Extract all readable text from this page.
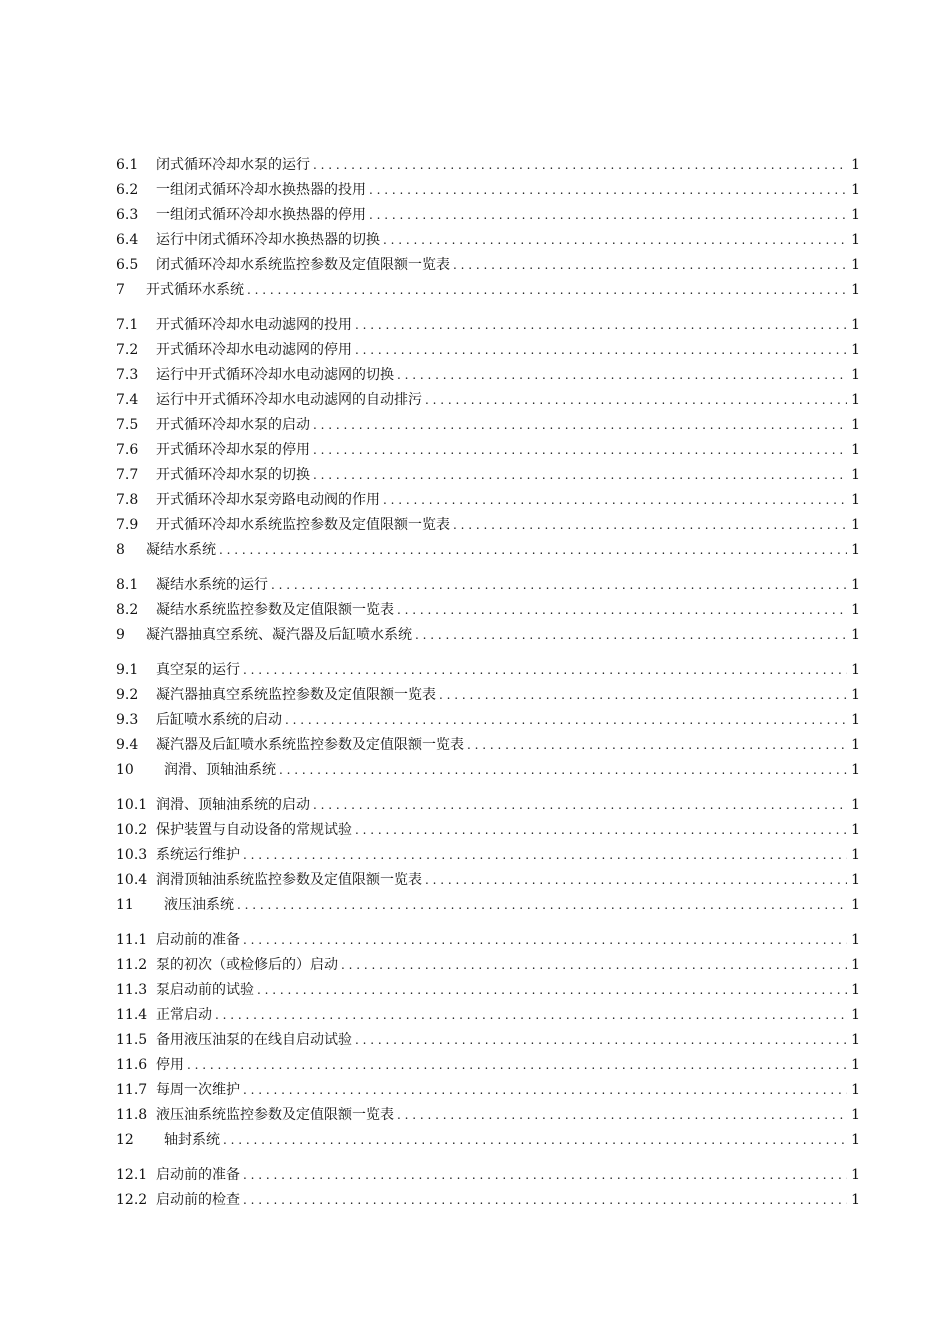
6.1	闭式循环冷却水泵的运行 . . .	1
6.2	一组闭式循环冷却水换热器的投用 . . .	1
6.3	一组闭式循环冷却水换热器的停用 . . .	1
6.4	运行中闭式循环冷却水换热器的切换 . . .	1
6.5	闭式循环冷却水系统监控参数及定值限额一览表 . . .	1
7	开式循环水系统 . . .	1
7.1	开式循环冷却水电动滤网的投用 . . .	1
7.2	开式循环冷却水电动滤网的停用 . . .	1
7.3	运行中开式循环冷却水电动滤网的切换 . . .	1
7.4	运行中开式循环冷却水电动滤网的自动排污 . . .	1
7.5	开式循环冷却水泵的启动 . . .	1
7.6	开式循环冷却水泵的停用 . . .	1
7.7	开式循环冷却水泵的切换 . . .	1
7.8	开式循环冷却水泵旁路电动阀的作用 . . .	1
7.9	开式循环冷却水系统监控参数及定值限额一览表 . . .	1
8	凝结水系统 . . .	1
8.1	凝结水系统的运行 . . .	1
8.2	凝结水系统监控参数及定值限额一览表 . . .	1
9	凝汽器抽真空系统、凝汽器及后缸喷水系统 . . .	1
9.1	真空泵的运行 . . .	1
9.2	凝汽器抽真空系统监控参数及定值限额一览表 . . .	1
9.3	后缸喷水系统的启动 . . .	1
9.4	凝汽器及后缸喷水系统监控参数及定值限额一览表 . . .	1
10	润滑、顶轴油系统 . . .	1
10.1 润滑、顶轴油系统的启动 . . .	1
10.2 保护装置与自动设备的常规试验 . . .	1
10.3 系统运行维护 . . .	1
10.4 润滑顶轴油系统监控参数及定值限额一览表 . . .	1
11	液压油系统 . . .	1
11.1 启动前的准备 . . .	1
11.2 泵的初次（或检修后的）启动 . . .	1
11.3 泵启动前的试验 . . .	1
11.4 正常启动 . . .	1
11.5 备用液压油泵的在线自启动试验 . . .	1
11.6 停用 . . .	1
11.7 每周一次维护 . . .	1
11.8 液压油系统监控参数及定值限额一览表 . . .	1
12	轴封系统 . . .	1
12.1 启动前的准备 . . .	1
12.2 启动前的检查 . . .	1
